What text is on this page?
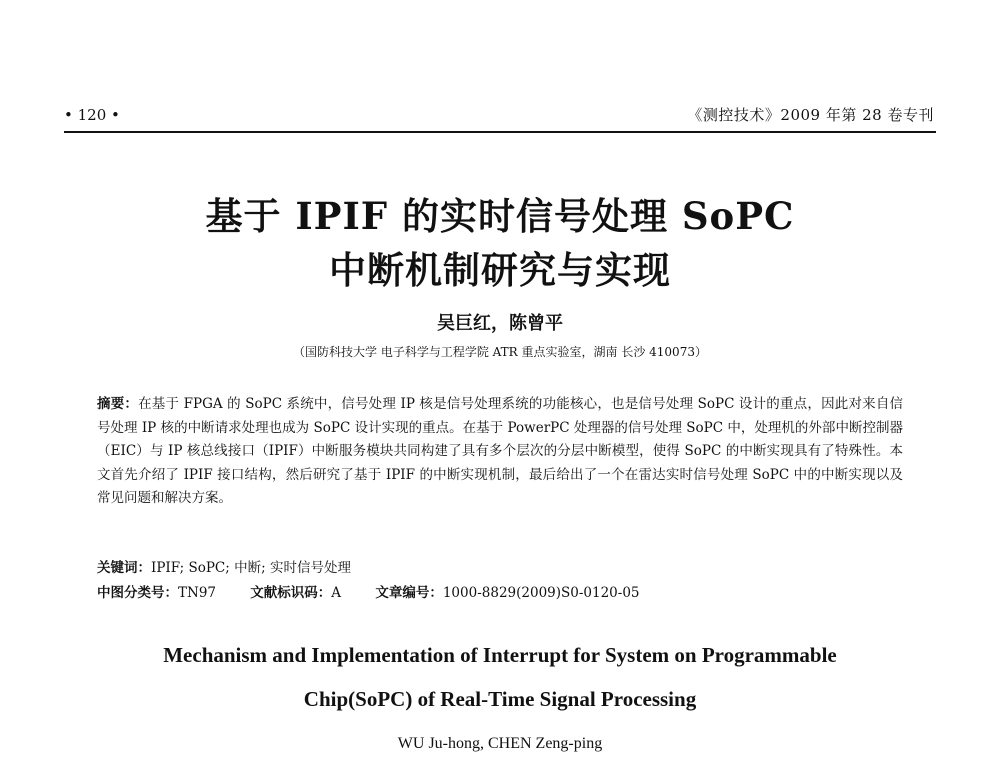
• 120 •	《测控技术》2009 年第 28 卷专刊
基于 IPIF 的实时信号处理 SoPC
中断机制研究与实现
吴巨红，陈曾平
（国防科技大学 电子科学与工程学院 ATR 重点实验室，湖南 长沙 410073）
摘要：在基于 FPGA 的 SoPC 系统中，信号处理 IP 核是信号处理系统的功能核心，也是信号处理 SoPC 设计的重点，因此对来自信号处理 IP 核的中断请求处理也成为 SoPC 设计实现的重点。在基于 PowerPC 处理器的信号处理 SoPC 中，处理机的外部中断控制器（EIC）与 IP 核总线接口（IPIF）中断服务模块共同构建了具有多个层次的分层中断模型，使得 SoPC 的中断实现具有了特殊性。本文首先介绍了 IPIF 接口结构，然后研究了基于 IPIF 的中断实现机制，最后给出了一个在雷达实时信号处理 SoPC 中的中断实现以及常见问题和解决方案。
关键词：IPIF; SoPC; 中断; 实时信号处理
中图分类号：TN97	文献标识码：A	文章编号：1000-8829(2009)S0-0120-05
Mechanism and Implementation of Interrupt for System on Programmable
Chip(SoPC) of Real-Time Signal Processing
WU Ju-hong, CHEN Zeng-ping
